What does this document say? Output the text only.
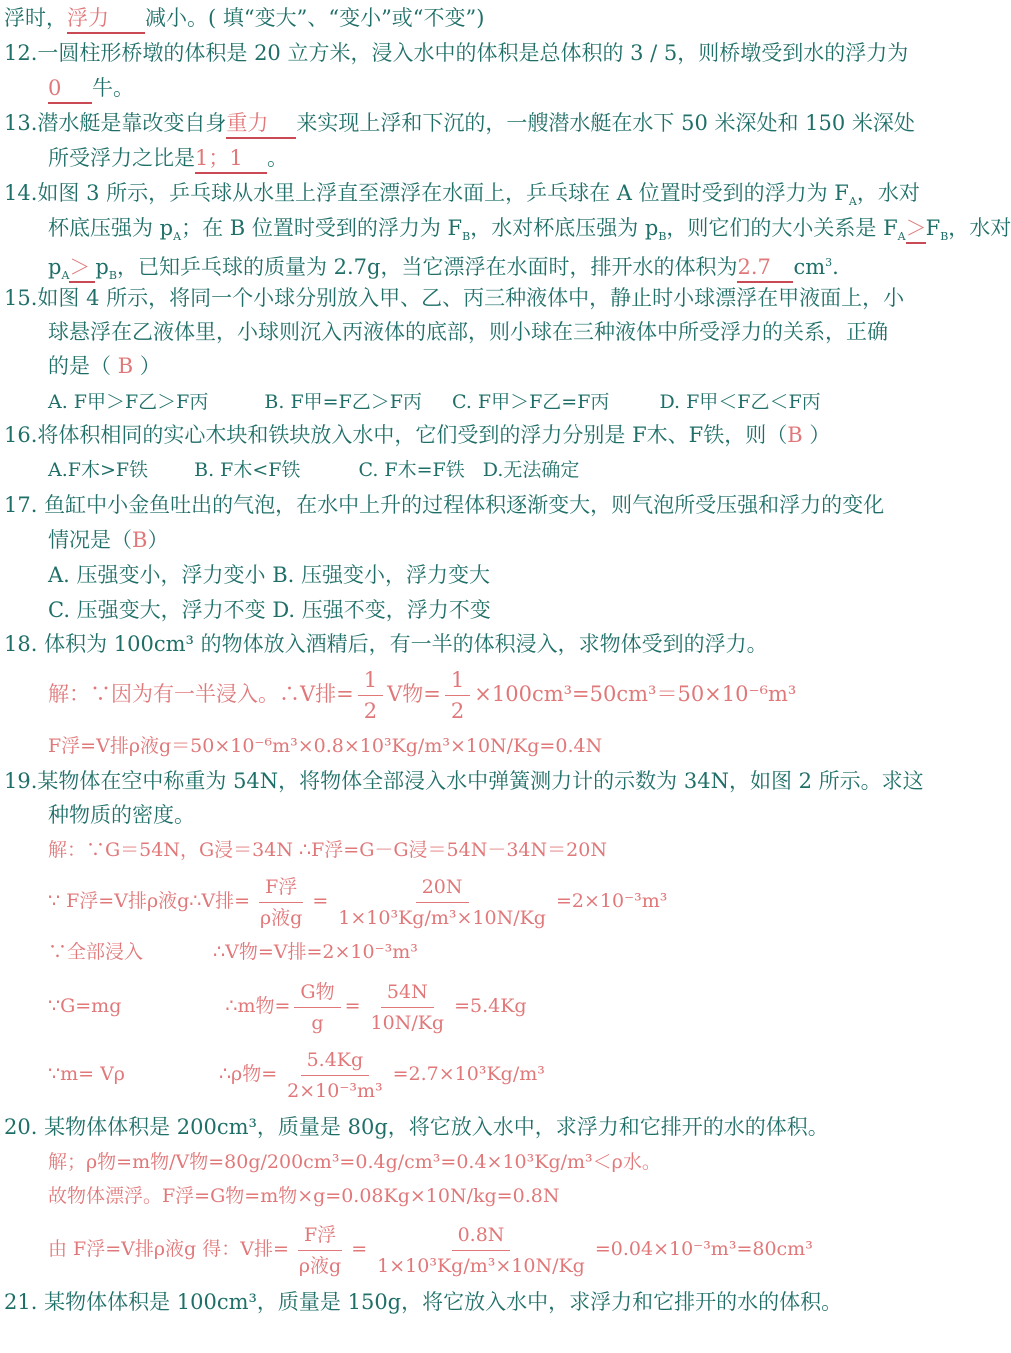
浮时，浮力 减小。( 填“变大”、“变小”或“不变”)
12.一圆柱形桥墩的体积是 20 立方米，浸入水中的体积是总体积的 3 / 5，则桥墩受到水的浮力为
0 牛。
13.潜水艇是靠改变自身重力 来实现上浮和下沉的，一艘潜水艇在水下 50 米深处和 150 米深处
所受浮力之比是1；1 。
14.如图 3 所示，乒乓球从水里上浮直至漂浮在水面上，乒乓球在 A 位置时受到的浮力为 $F_A$，水对
杯底压强为 $p_A$；在 B 位置时受到的浮力为 $F_B$，水对杯底压强为 $p_B$，则它们的大小关系是 $F_A>F_B$，水对
$p_A> p_B$，已知乒乓球的质量为 2.7g，当它漂浮在水面时，排开水的体积为2.7 $cm^3$.
15.如图 4 所示，将同一个小球分别放入甲、乙、丙三种液体中，静止时小球漂浮在甲液面上，小
球悬浮在乙液体里，小球则沉入丙液体的底部，则小球在三种液体中所受浮力的关系，正确
的是（ B ）
A. F甲＞F乙＞F丙	B. F甲=F乙＞F丙 C. F甲＞F乙=F丙	D. F甲＜F乙＜F丙
16.将体积相同的实心木块和铁块放入水中，它们受到的浮力分别是 F木、F铁，则（B ）
A.F木>F铁 B. F木<F铁	C. F木=F铁 D.无法确定
17. 鱼缸中小金鱼吐出的气泡，在水中上升的过程体积逐渐变大，则气泡所受压强和浮力的变化
情况是（B）
A. 压强变小，浮力变小 B. 压强变小，浮力变大
C. 压强变大，浮力不变 D. 压强不变，浮力不变
18. 体积为 100cm³ 的物体放入酒精后，有一半的体积浸入，求物体受到的浮力。
解：∵因为有一半浸入。∴V排= $\frac{1}{2}$ V物= $\frac{1}{2} \times 100cm^3=50cm^3=50\times 10^{-6}m^3$
F浮=V排ρ液g＝50×10⁻⁶m³×0.8×10³Kg/m³×10N/Kg=0.4N
19.某物体在空中称重为 54N，将物体全部浸入水中弹簧测力计的示数为 34N，如图 2 所示。求这
种物质的密度。
解：∵G＝54N，G浸＝34N ∴F浮=G－G浸＝54N－34N＝20N
∵ F浮=V排ρ液g∴V排= $\frac{\text{F浮}}{\text{ρ液g}} = \frac{20N}{\text{1×10³Kg/m³×10N/Kg}} =2\times 10^{-3}m^3$
∵全部浸入	∴V物=V排=2×10⁻³m³
∵G=mg	∴m物= $\frac{\text{G物}}{g} = \frac{54N}{10N/Kg} =5.4Kg$
∵m= Vρ	∴ρ物= $\frac{5.4Kg}{\text{2×10⁻³m³}} =2.7\times 10^3Kg/m^3$
20. 某物体体积是 200cm³，质量是 80g，将它放入水中，求浮力和它排开的水的体积。
解；ρ物=m物/V物=80g/200cm³=0.4g/cm³=0.4×10³Kg/m³＜ρ水。
故物体漂浮。F浮=G物=m物×g=0.08Kg×10N/kg=0.8N
由 F浮=V排ρ液g 得：V排= $\frac{\text{F浮}}{\text{ρ液g}} = \frac{0.8N}{\text{1×10³Kg/m³×10N/Kg}} =0.04\times 10^{-3}m^3=80cm^3$
21. 某物体体积是 100cm³，质量是 150g，将它放入水中，求浮力和它排开的水的体积。
